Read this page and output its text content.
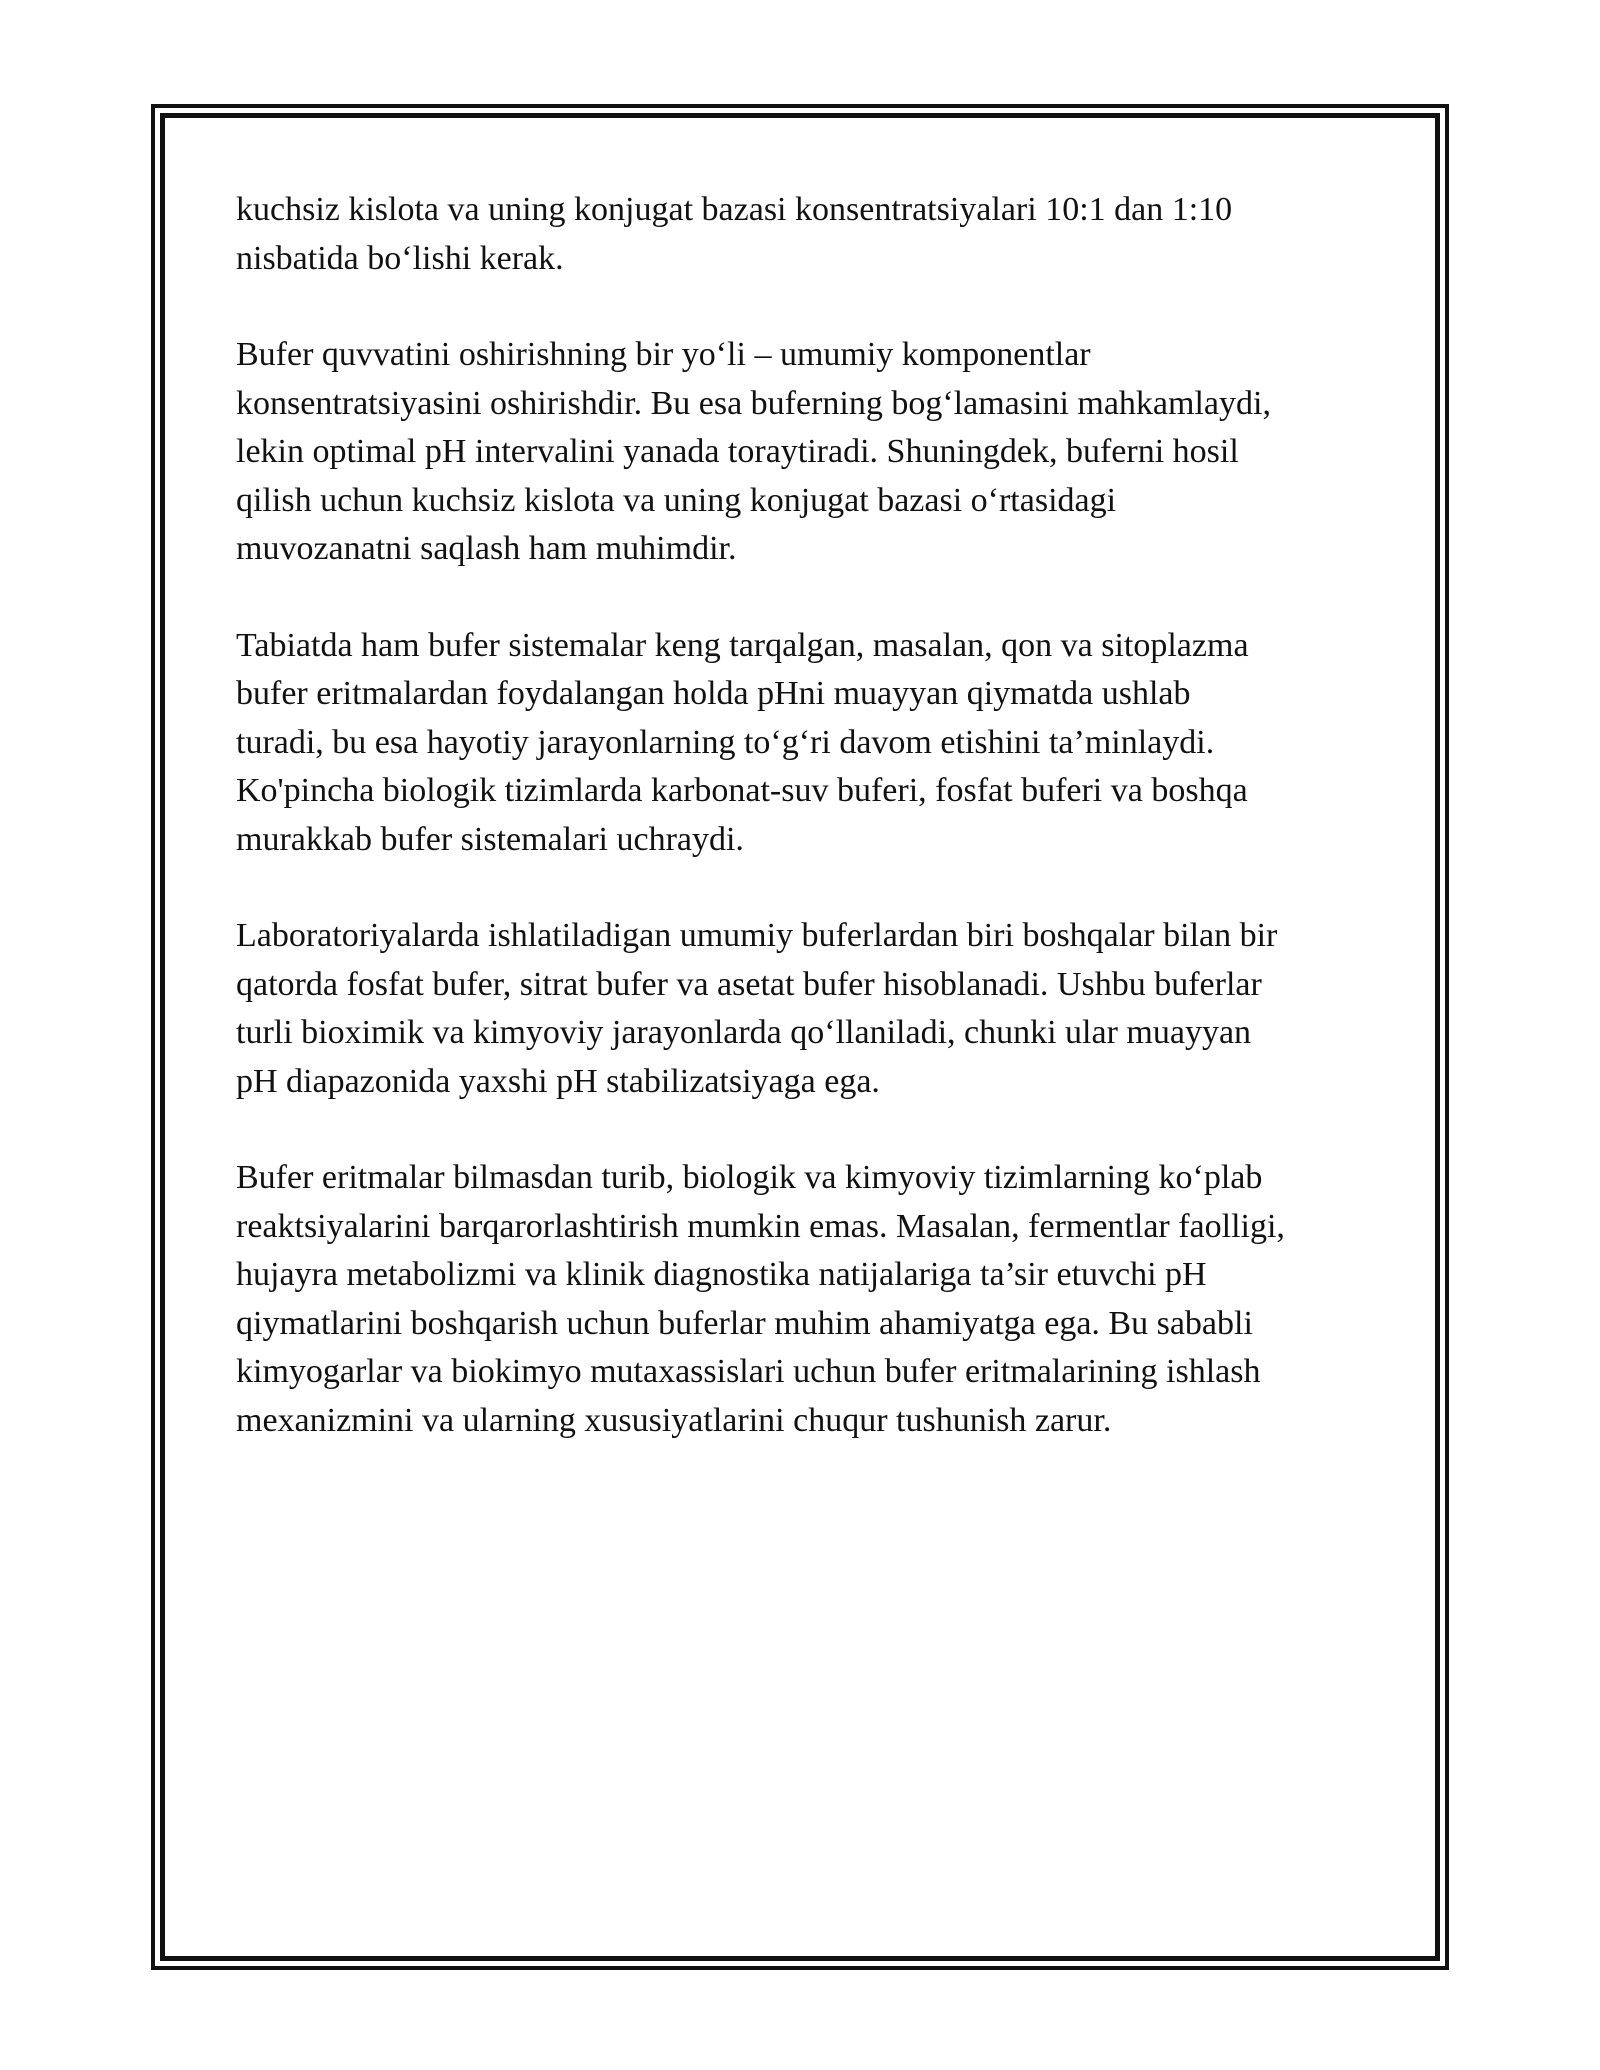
kuchsiz kislota va uning konjugat bazasi konsentratsiyalari 10:1 dan 1:10
nisbatida bo‘lishi kerak.

Bufer quvvatini oshirishning bir yo‘li – umumiy komponentlar
konsentratsiyasini oshirishdir. Bu esa buferning bog‘lamasini mahkamlaydi,
lekin optimal pH intervalini yanada toraytiradi. Shuningdek, buferni hosil
qilish uchun kuchsiz kislota va uning konjugat bazasi o‘rtasidagi
muvozanatni saqlash ham muhimdir.

Tabiatda ham bufer sistemalar keng tarqalgan, masalan, qon va sitoplazma
bufer eritmalardan foydalangan holda pHni muayyan qiymatda ushlab
turadi, bu esa hayotiy jarayonlarning to‘g‘ri davom etishini ta’minlaydi.
Ko'pincha biologik tizimlarda karbonat-suv buferi, fosfat buferi va boshqa
murakkab bufer sistemalari uchraydi.

Laboratoriyalarda ishlatiladigan umumiy buferlardan biri boshqalar bilan bir
qatorda fosfat bufer, sitrat bufer va asetat bufer hisoblanadi. Ushbu buferlar
turli bioximik va kimyoviy jarayonlarda qo‘llaniladi, chunki ular muayyan
pH diapazonida yaxshi pH stabilizatsiyaga ega.

Bufer eritmalar bilmasdan turib, biologik va kimyoviy tizimlarning ko‘plab
reaktsiyalarini barqarorlashtirish mumkin emas. Masalan, fermentlar faolligi,
hujayra metabolizmi va klinik diagnostika natijalariga ta’sir etuvchi pH
qiymatlarini boshqarish uchun buferlar muhim ahamiyatga ega. Bu sababli
kimyogarlar va biokimyo mutaxassislari uchun bufer eritmalarining ishlash
mexanizmini va ularning xususiyatlarini chuqur tushunish zarur.
